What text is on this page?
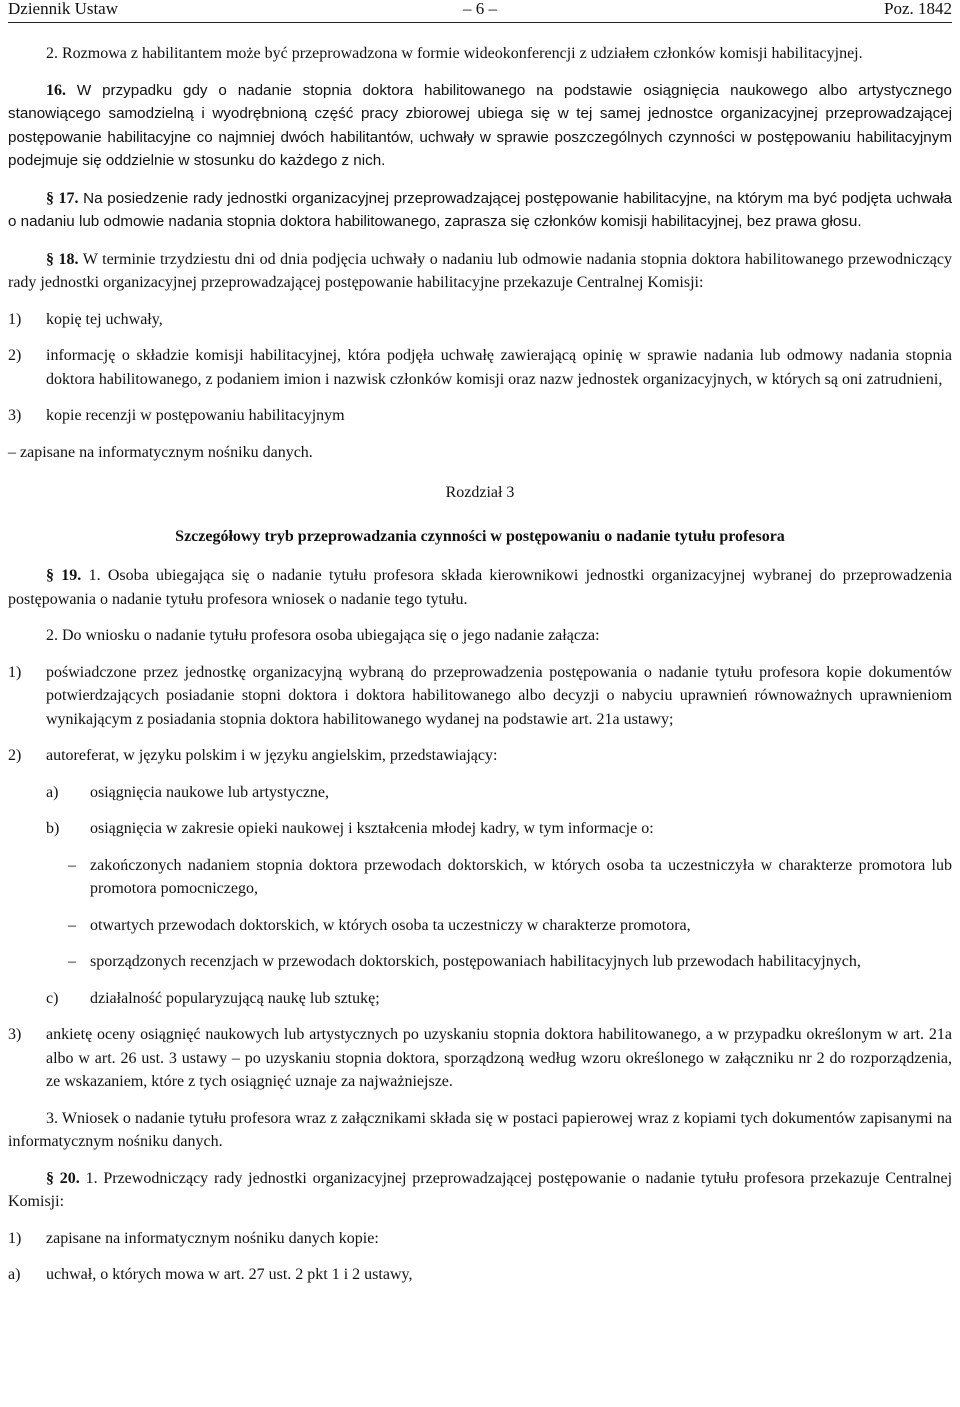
Dziennik Ustaw	– 6 –	Poz. 1842
2. Rozmowa z habilitantem może być przeprowadzona w formie wideokonferencji z udziałem członków komisji habilitacyjnej.
16. W przypadku gdy o nadanie stopnia doktora habilitowanego na podstawie osiągnięcia naukowego albo artystycznego stanowiącego samodzielną i wyodrębnioną część pracy zbiorowej ubiega się w tej samej jednostce organizacyjnej przeprowadzającej postępowanie habilitacyjne co najmniej dwóch habilitantów, uchwały w sprawie poszczególnych czynności w postępowaniu habilitacyjnym podejmuje się oddzielnie w stosunku do każdego z nich.
§ 17. Na posiedzenie rady jednostki organizacyjnej przeprowadzającej postępowanie habilitacyjne, na którym ma być podjęta uchwała o nadaniu lub odmowie nadania stopnia doktora habilitowanego, zaprasza się członków komisji habilitacyjnej, bez prawa głosu.
§ 18. W terminie trzydziestu dni od dnia podjęcia uchwały o nadaniu lub odmowie nadania stopnia doktora habilitowanego przewodniczący rady jednostki organizacyjnej przeprowadzającej postępowanie habilitacyjne przekazuje Centralnej Komisji:
1) kopię tej uchwały,
2) informację o składzie komisji habilitacyjnej, która podjęła uchwałę zawierającą opinię w sprawie nadania lub odmowy nadania stopnia doktora habilitowanego, z podaniem imion i nazwisk członków komisji oraz nazw jednostek organizacyjnych, w których są oni zatrudnieni,
3) kopie recenzji w postępowaniu habilitacyjnym
– zapisane na informatycznym nośniku danych.
Rozdział 3
Szczegółowy tryb przeprowadzania czynności w postępowaniu o nadanie tytułu profesora
§ 19. 1. Osoba ubiegająca się o nadanie tytułu profesora składa kierownikowi jednostki organizacyjnej wybranej do przeprowadzenia postępowania o nadanie tytułu profesora wniosek o nadanie tego tytułu.
2. Do wniosku o nadanie tytułu profesora osoba ubiegająca się o jego nadanie załącza:
1) poświadczone przez jednostkę organizacyjną wybraną do przeprowadzenia postępowania o nadanie tytułu profesora kopie dokumentów potwierdzających posiadanie stopni doktora i doktora habilitowanego albo decyzji o nabyciu uprawnień równoważnych uprawnieniom wynikającym z posiadania stopnia doktora habilitowanego wydanej na podstawie art. 21a ustawy;
2) autoreferat, w języku polskim i w języku angielskim, przedstawiający:
a) osiągnięcia naukowe lub artystyczne,
b) osiągnięcia w zakresie opieki naukowej i kształcenia młodej kadry, w tym informacje o:
– zakończonych nadaniem stopnia doktora przewodach doktorskich, w których osoba ta uczestniczyła w charakterze promotora lub promotora pomocniczego,
– otwartych przewodach doktorskich, w których osoba ta uczestniczy w charakterze promotora,
– sporządzonych recenzjach w przewodach doktorskich, postępowaniach habilitacyjnych lub przewodach habilitacyjnych,
c) działalność popularyzującą naukę lub sztukę;
3) ankietę oceny osiągnięć naukowych lub artystycznych po uzyskaniu stopnia doktora habilitowanego, a w przypadku określonym w art. 21a albo w art. 26 ust. 3 ustawy – po uzyskaniu stopnia doktora, sporządzoną według wzoru określonego w załączniku nr 2 do rozporządzenia, ze wskazaniem, które z tych osiągnięć uznaje za najważniejsze.
3. Wniosek o nadanie tytułu profesora wraz z załącznikami składa się w postaci papierowej wraz z kopiami tych dokumentów zapisanymi na informatycznym nośniku danych.
§ 20. 1. Przewodniczący rady jednostki organizacyjnej przeprowadzającej postępowanie o nadanie tytułu profesora przekazuje Centralnej Komisji:
1) zapisane na informatycznym nośniku danych kopie:
a) uchwał, o których mowa w art. 27 ust. 2 pkt 1 i 2 ustawy,
